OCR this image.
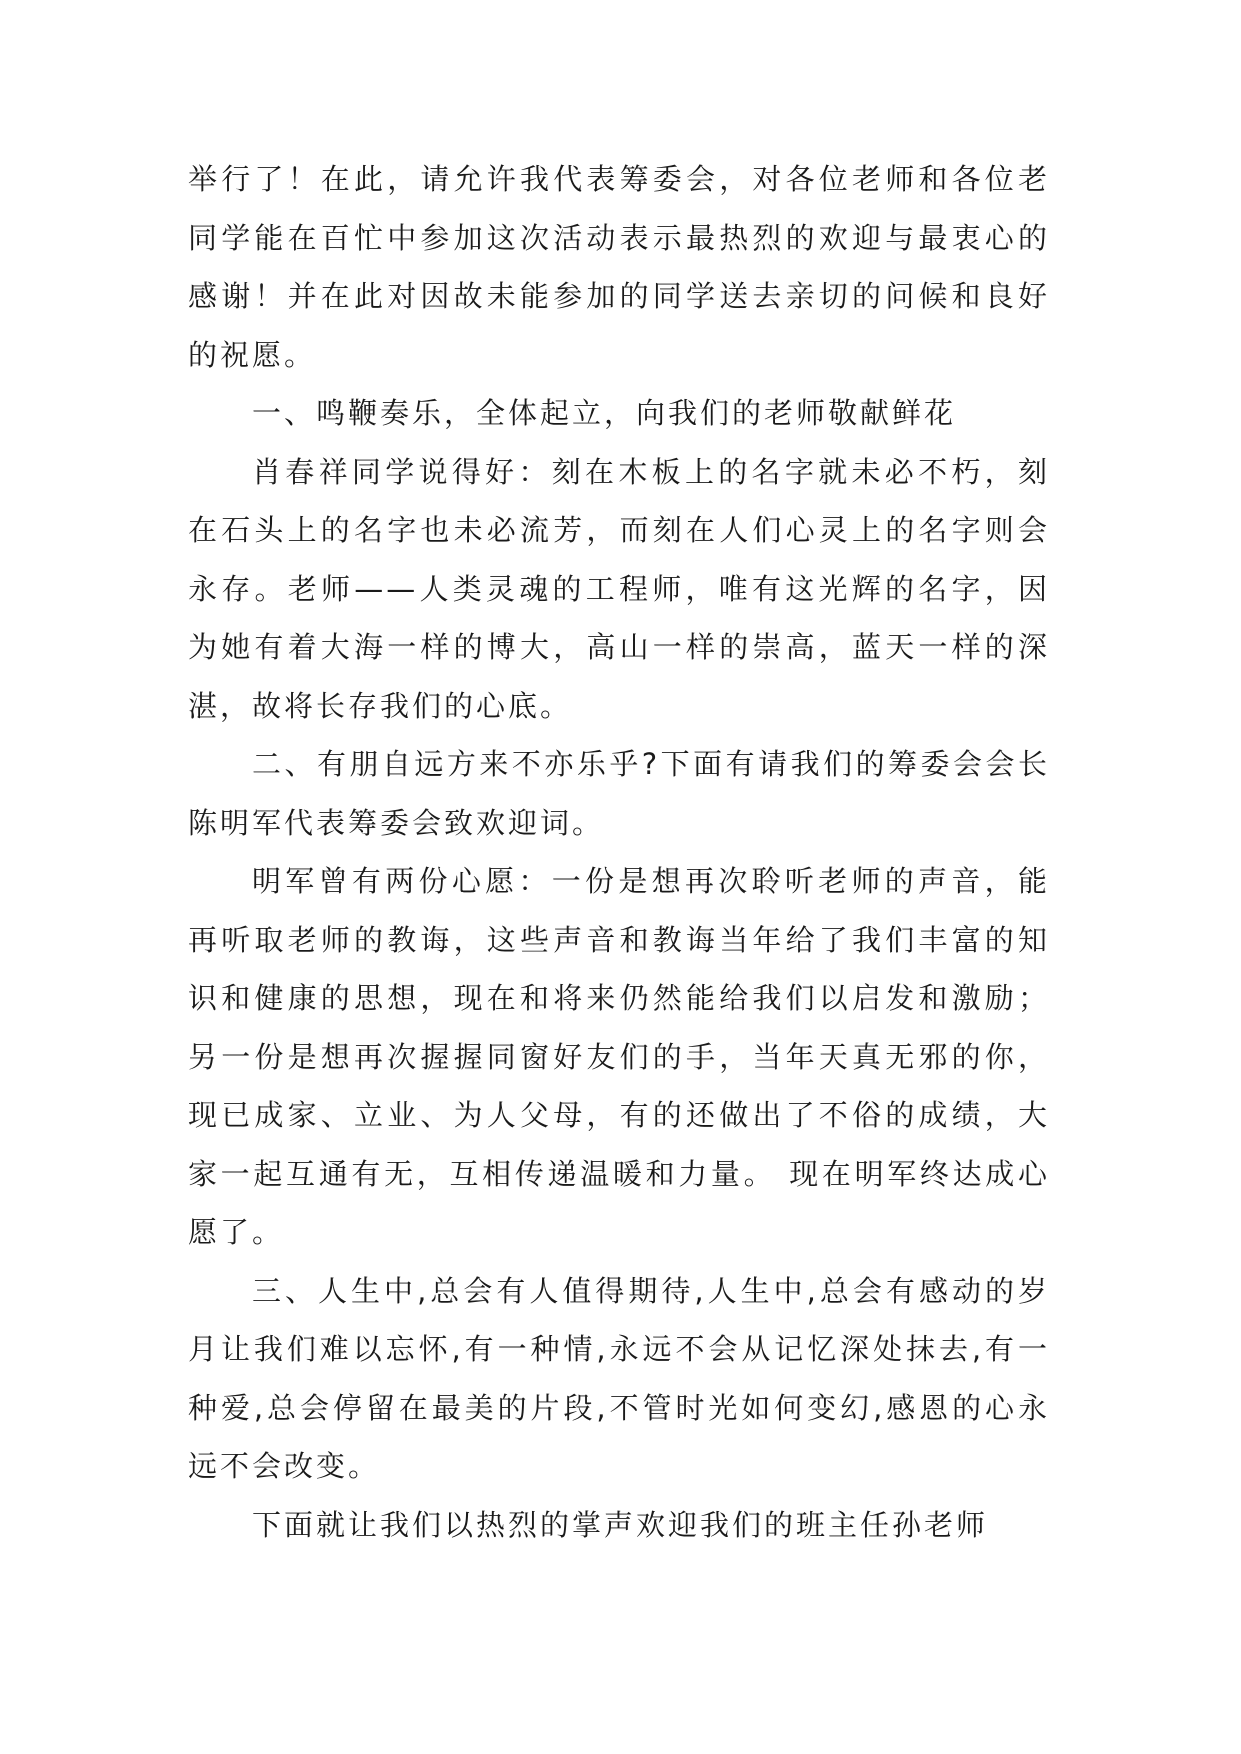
举行了！在此，请允许我代表筹委会，对各位老师和各位老同学能在百忙中参加这次活动表示最热烈的欢迎与最衷心的感谢！并在此对因故未能参加的同学送去亲切的问候和良好的祝愿。

一、鸣鞭奏乐，全体起立，向我们的老师敬献鲜花

肖春祥同学说得好：刻在木板上的名字就未必不朽，刻在石头上的名字也未必流芳，而刻在人们心灵上的名字则会永存。老师——人类灵魂的工程师，唯有这光辉的名字，因为她有着大海一样的博大，高山一样的崇高，蓝天一样的深湛，故将长存我们的心底。

二、有朋自远方来不亦乐乎?下面有请我们的筹委会会长陈明军代表筹委会致欢迎词。

明军曾有两份心愿：一份是想再次聆听老师的声音，能再听取老师的教诲，这些声音和教诲当年给了我们丰富的知识和健康的思想，现在和将来仍然能给我们以启发和激励；另一份是想再次握握同窗好友们的手，当年天真无邪的你，现已成家、立业、为人父母，有的还做出了不俗的成绩，大家一起互通有无，互相传递温暖和力量。 现在明军终达成心愿了。

三、人生中,总会有人值得期待,人生中,总会有感动的岁月让我们难以忘怀,有一种情,永远不会从记忆深处抹去,有一种爱,总会停留在最美的片段,不管时光如何变幻,感恩的心永远不会改变。

下面就让我们以热烈的掌声欢迎我们的班主任孙老师
